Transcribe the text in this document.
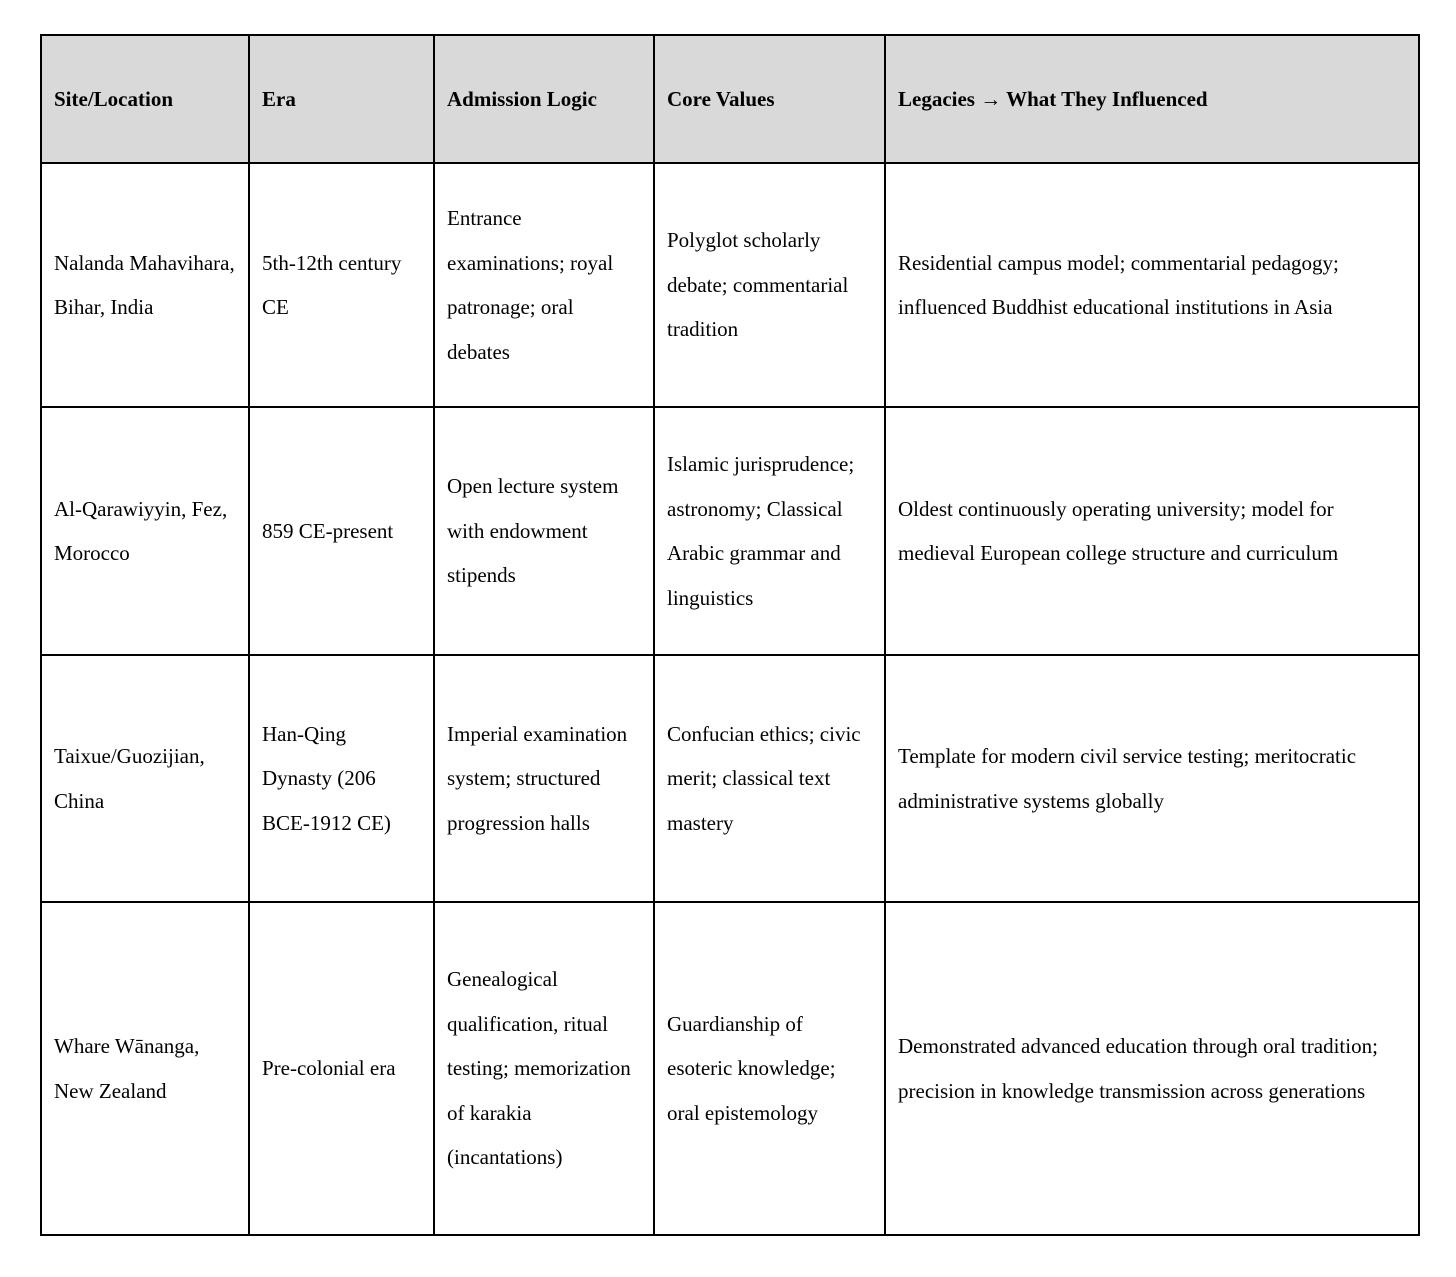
Site/Location	Era	Admission Logic	Core Values	Legacies → What They Influenced
Nalanda Mahavihara, Bihar, India	5th-12th century CE	Entrance examinations; royal patronage; oral debates	Polyglot scholarly debate; commentarial tradition	Residential campus model; commentarial pedagogy; influenced Buddhist educational institutions in Asia
Al-Qarawiyyin, Fez, Morocco	859 CE-present	Open lecture system with endowment stipends	Islamic jurisprudence; astronomy; Classical Arabic grammar and linguistics	Oldest continuously operating university; model for medieval European college structure and curriculum
Taixue/Guozijian, China	Han-Qing Dynasty (206 BCE-1912 CE)	Imperial examination system; structured progression halls	Confucian ethics; civic merit; classical text mastery	Template for modern civil service testing; meritocratic administrative systems globally
Whare Wānanga, New Zealand	Pre-colonial era	Genealogical qualification, ritual testing; memorization of karakia (incantations)	Guardianship of esoteric knowledge; oral epistemology	Demonstrated advanced education through oral tradition; precision in knowledge transmission across generations
